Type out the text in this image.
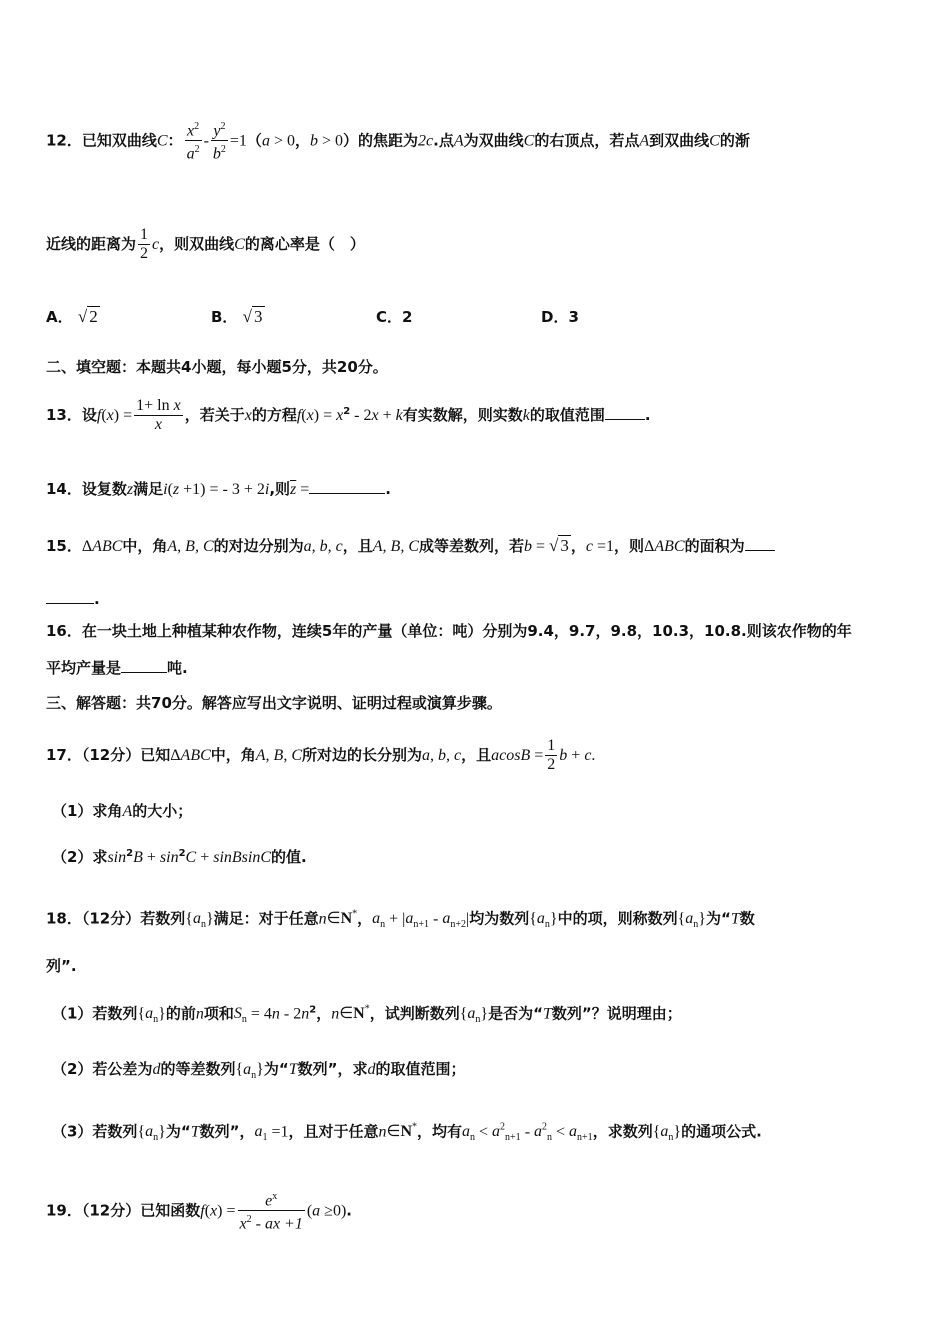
12．已知双曲线C： $\frac{x^2}{a^2} - \frac{y^2}{b^2} =1(a > 0$，b > 0）的焦距为2c.点A为双曲线C的右顶点，若点A到双曲线C的渐
近线的距离为 $\frac{1}{2}$ c，则双曲线C的离心率是（　）
A． √ 2	B． √ 3	C．2	D．3
二、填空题：本题共4小题，每小题5分，共20分。
13．设$f(x) = \frac{\text{1+ ln x}}{x}$ ，若关于x的方程$f(x) = x^2 - 2x + k$有实数解，则实数k的取值范围	.
14．设复数z满足i(z +1) = - 3 + 2i,则$\overline{z}$ =	.
15．ΔABC中，角A, B, C的对边分别为a, b, c，且A, B, C成等差数列，若b = √ 3 ，c =1，则ΔABC的面积为
.
16．在一块土地上种植某种农作物，连续5年的产量（单位：吨）分别为9.4，9.7，9.8，10.3，10.8.则该农作物的年
平均产量是	吨.
三、解答题：共70分。解答应写出文字说明、证明过程或演算步骤。
17．（12分）已知ΔABC中，角A, B, C所对边的长分别为a, b, c，且$acosB = \frac{1}{2}$ b + c.
（1）求角A的大小；
（2）求$\sin^2B + \sin^2C$ + sinBsinC的值.
18．（12分）若数列$\{a_n\}$满足：对于任意n∈N*，$a_n + |a_{n+1} - a_{n+2}|$均为数列$\{a_n\}$中的项，则称数列$\{a_n\}$为“T数
列”.
（1）若数列$\{a_n\}$的前n项和$S_n = 4n - 2n^2$，n∈N*，试判断数列$\{a_n\}$是否为“T数列”？说明理由；
（2）若公差为d的等差数列$\{a_n\}$为“T数列”，求d的取值范围；
（3）若数列$\{a_n\}$为“T数列”，$a_1 =1$，且对于任意n∈N*，均有$a_n < a^2_{n+1} - a^2_n < a_{n+1}$，求数列$\{a_n\}$的通项公式.
19．（12分）已知函数$f(x) = \frac{e^x}{x^2 - ax +1} (a \ge 0)$.
